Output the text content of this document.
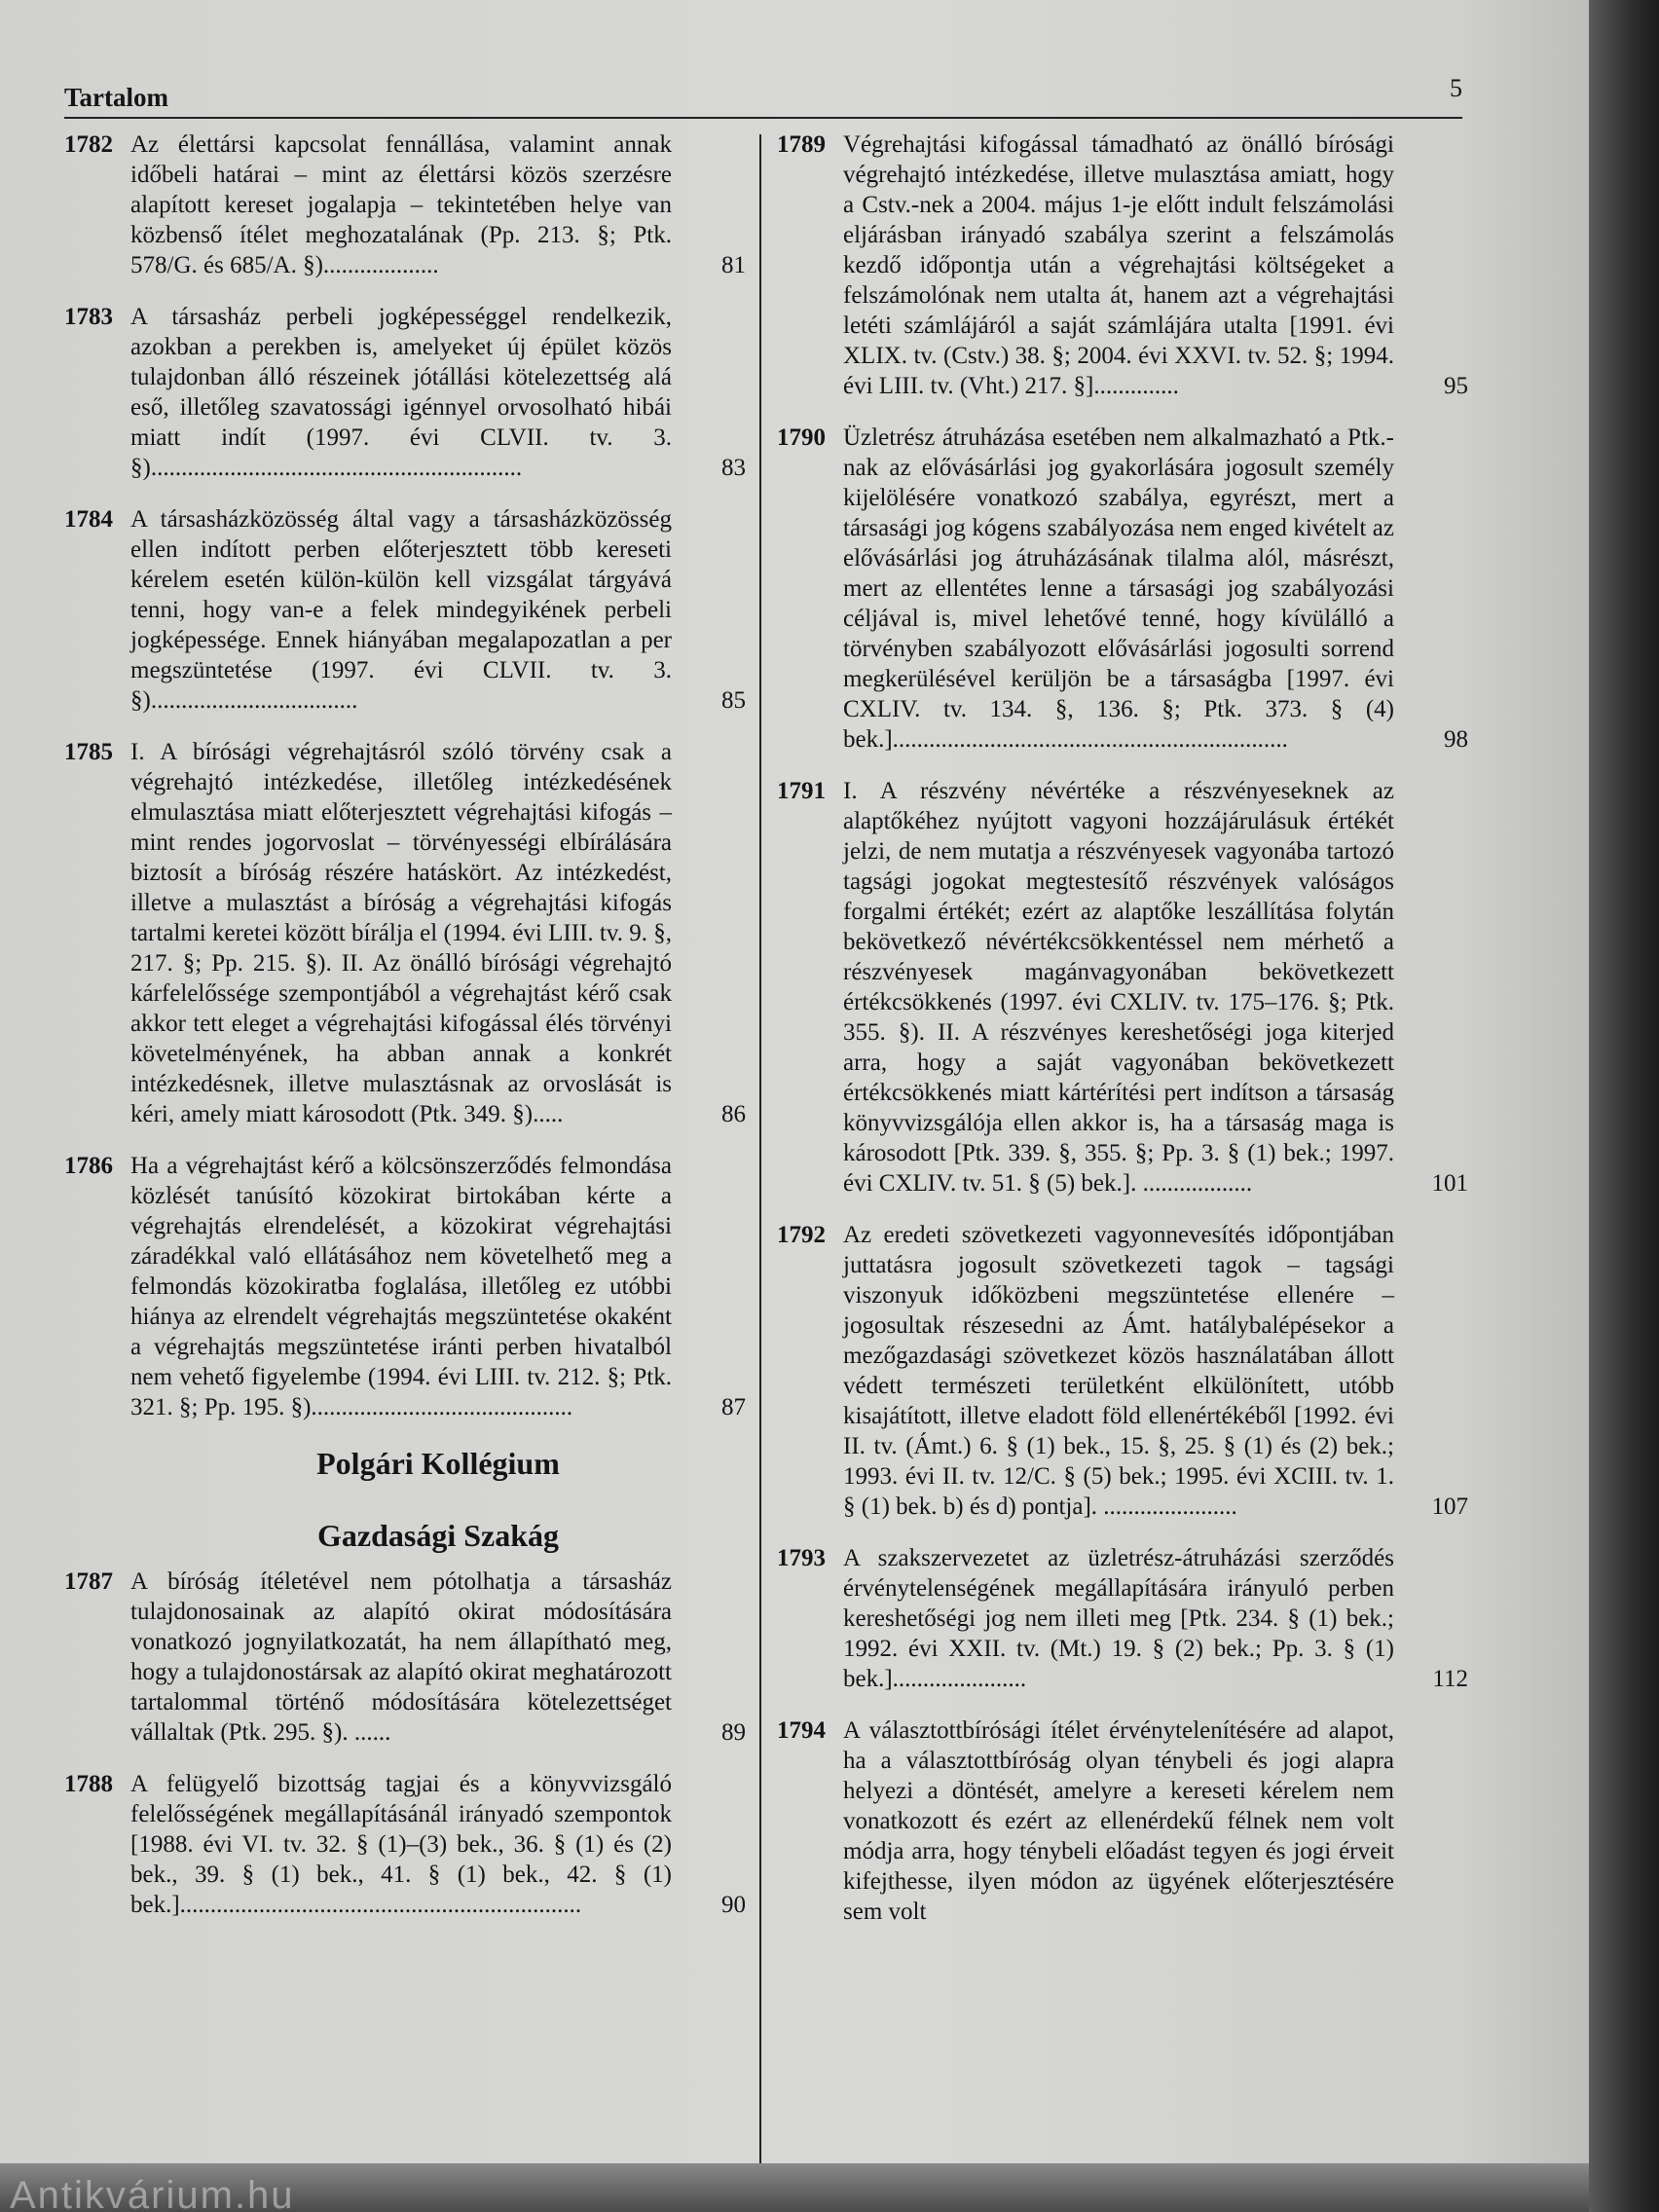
Tartalom	5
1782 Az élettársi kapcsolat fennállása, valamint annak időbeli határai – mint az élettársi közös szerzésre alapított kereset jogalapja – tekintetében helye van közbenső ítélet meghozatalának (Pp. 213. §; Ptk. 578/G. és 685/A. §)...................	81
1783 A társasház perbeli jogképességgel rendelkezik, azokban a perekben is, amelyeket új épület közös tulajdonban álló részeinek jótállási kötelezettség alá eső, illetőleg szavatossági igénnyel orvosolható hibái miatt indít (1997. évi CLVII. tv. 3. §).............................................................	83
1784 A társasházközösség által vagy a társasházközösség ellen indított perben előterjesztett több kereseti kérelem esetén külön-külön kell vizsgálat tárgyává tenni, hogy van-e a felek mindegyikének perbeli jogképessége. Ennek hiányában megalapozatlan a per megszüntetése (1997. évi CLVII. tv. 3. §)..................................	85
1785 I. A bírósági végrehajtásról szóló törvény csak a végrehajtó intézkedése, illetőleg intézkedésének elmulasztása miatt előterjesztett végrehajtási kifogás – mint rendes jogorvoslat – törvényességi elbírálására biztosít a bíróság részére hatáskört. Az intézkedést, illetve a mulasztást a bíróság a végrehajtási kifogás tartalmi keretei között bírálja el (1994. évi LIII. tv. 9. §, 217. §; Pp. 215. §). II. Az önálló bírósági végrehajtó kárfelelőssége szempontjából a végrehajtást kérő csak akkor tett eleget a végrehajtási kifogással élés törvényi követelményének, ha abban annak a konkrét intézkedésnek, illetve mulasztásnak az orvoslását is kéri, amely miatt károsodott (Ptk. 349. §).....	86
1786 Ha a végrehajtást kérő a kölcsönszerződés felmondása közlését tanúsító közokirat birtokában kérte a végrehajtás elrendelését, a közokirat végrehajtási záradékkal való ellátásához nem követelhető meg a felmondás közokiratba foglalása, illetőleg ez utóbbi hiánya az elrendelt végrehajtás megszüntetése okaként a végrehajtás megszüntetése iránti perben hivatalból nem vehető figyelembe (1994. évi LIII. tv. 212. §; Ptk. 321. §; Pp. 195. §)...........................................	87
Polgári Kollégium
Gazdasági Szakág
1787 A bíróság ítéletével nem pótolhatja a társasház tulajdonosainak az alapító okirat módosítására vonatkozó jognyilatkozatát, ha nem állapítható meg, hogy a tulajdonostársak az alapító okirat meghatározott tartalommal történő módosítására kötelezettséget vállaltak (Ptk. 295. §). ......	89
1788 A felügyelő bizottság tagjai és a könyvvizsgáló felelősségének megállapításánál irányadó szempontok [1988. évi VI. tv. 32. § (1)–(3) bek., 36. § (1) és (2) bek., 39. § (1) bek., 41. § (1) bek., 42. § (1) bek.]..................................................................	90
1789 Végrehajtási kifogással támadható az önálló bírósági végrehajtó intézkedése, illetve mulasztása amiatt, hogy a Cstv.-nek a 2004. május 1-je előtt indult felszámolási eljárásban irányadó szabálya szerint a felszámolás kezdő időpontja után a végrehajtási költségeket a felszámolónak nem utalta át, hanem azt a végrehajtási letéti számlájáról a saját számlájára utalta [1991. évi XLIX. tv. (Cstv.) 38. §; 2004. évi XXVI. tv. 52. §; 1994. évi LIII. tv. (Vht.) 217. §]..............	95
1790 Üzletrész átruházása esetében nem alkalmazható a Ptk.-nak az elővásárlási jog gyakorlására jogosult személy kijelölésére vonatkozó szabálya, egyrészt, mert a társasági jog kógens szabályozása nem enged kivételt az elővásárlási jog átruházásának tilalma alól, másrészt, mert az ellentétes lenne a társasági jog szabályozási céljával is, mivel lehetővé tenné, hogy kívülálló a törvényben szabályozott elővásárlási jogosulti sorrend megkerülésével kerüljön be a társaságba [1997. évi CXLIV. tv. 134. §, 136. §; Ptk. 373. § (4) bek.].................................................................	98
1791 I. A részvény névértéke a részvényeseknek az alaptőkéhez nyújtott vagyoni hozzájárulásuk értékét jelzi, de nem mutatja a részvényesek vagyonába tartozó tagsági jogokat megtestesítő részvények valóságos forgalmi értékét; ezért az alaptőke leszállítása folytán bekövetkező névértékcsökkentéssel nem mérhető a részvényesek magánvagyonában bekövetkezett értékcsökkenés (1997. évi CXLIV. tv. 175–176. §; Ptk. 355. §). II. A részvényes kereshetőségi joga kiterjed arra, hogy a saját vagyonában bekövetkezett értékcsökkenés miatt kártérítési pert indítson a társaság könyvvizsgálója ellen akkor is, ha a társaság maga is károsodott [Ptk. 339. §, 355. §; Pp. 3. § (1) bek.; 1997. évi CXLIV. tv. 51. § (5) bek.]. ..................	101
1792 Az eredeti szövetkezeti vagyonnevesítés időpontjában juttatásra jogosult szövetkezeti tagok – tagsági viszonyuk időközbeni megszüntetése ellenére – jogosultak részesedni az Ámt. hatálybalépésekor a mezőgazdasági szövetkezet közös használatában állott védett természeti területként elkülönített, utóbb kisajátított, illetve eladott föld ellenértékéből [1992. évi II. tv. (Ámt.) 6. § (1) bek., 15. §, 25. § (1) és (2) bek.; 1993. évi II. tv. 12/C. § (5) bek.; 1995. évi XCIII. tv. 1. § (1) bek. b) és d) pontja]. ......................	107
1793 A szakszervezetet az üzletrész-átruházási szerződés érvénytelenségének megállapítására irányuló perben kereshetőségi jog nem illeti meg [Ptk. 234. § (1) bek.; 1992. évi XXII. tv. (Mt.) 19. § (2) bek.; Pp. 3. § (1) bek.]......................	112
1794 A választottbírósági ítélet érvénytelenítésére ad alapot, ha a választottbíróság olyan ténybeli és jogi alapra helyezi a döntését, amelyre a kereseti kérelem nem vonatkozott és ezért az ellenérdekű félnek nem volt módja arra, hogy ténybeli előadást tegyen és jogi érveit kifejthesse, ilyen módon az ügyének előterjesztésére sem volt
Antikvárium.hu
